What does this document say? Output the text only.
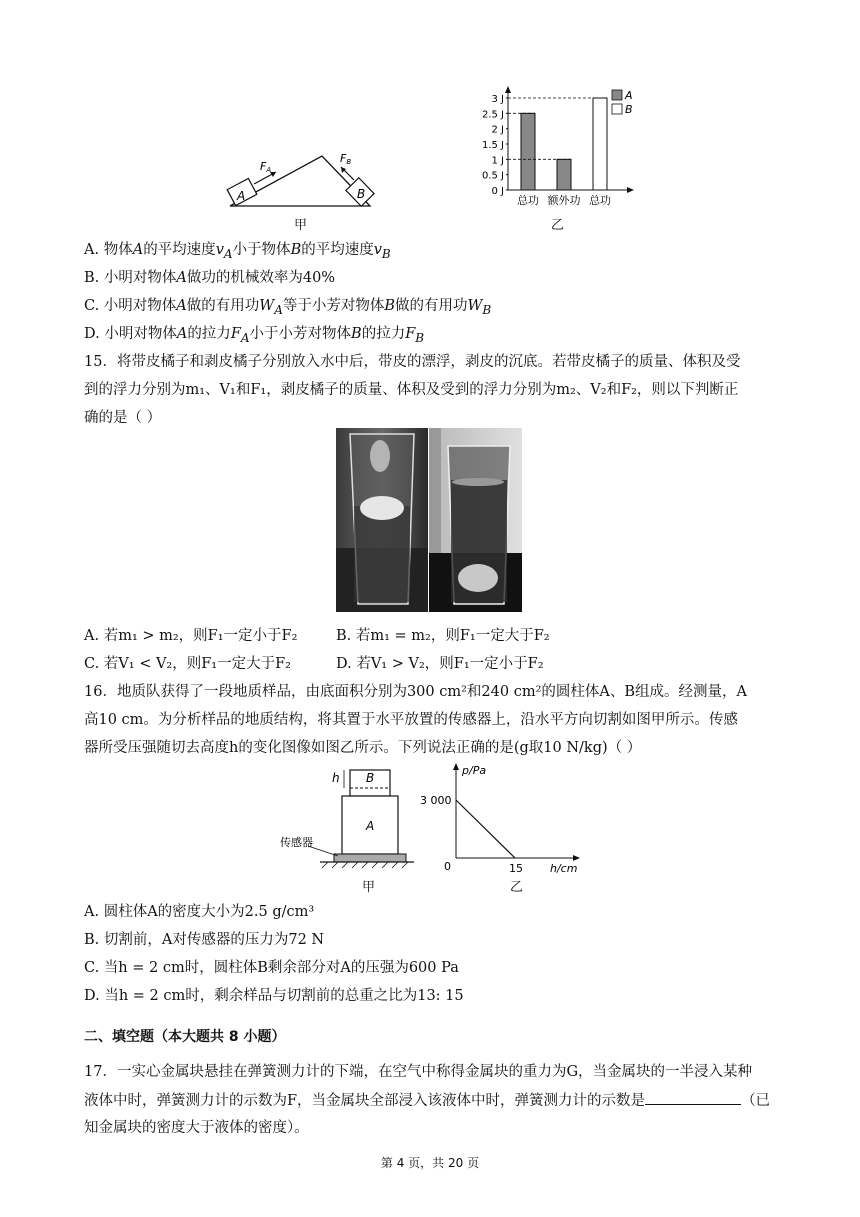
A
FA
B
FB
甲
0 J
0.5 J
1 J
1.5 J
2 J
2.5 J
3 J
总功 额外功 总功
A
B
乙
A. 物体A的平均速度$v_A$小于物体B的平均速度$v_B$
B. 小明对物体A做功的机械效率为40%
C. 小明对物体A做的有用功$W_A$等于小芳对物体B做的有用功$W_B$
D. 小明对物体A的拉力$F_A$小于小芳对物体B的拉力$F_B$
15．将带皮橘子和剥皮橘子分别放入水中后，带皮的漂浮，剥皮的沉底。若带皮橘子的质量、体积及受
到的浮力分别为m₁、V₁和F₁，剥皮橘子的质量、体积及受到的浮力分别为m₂、V₂和F₂，则以下判断正
确的是（ ）
A. 若m₁ > m₂，则F₁一定小于F₂	B. 若m₁ = m₂，则F₁一定大于F₂
C. 若V₁ < V₂，则F₁一定大于F₂	D. 若V₁ > V₂，则F₁一定小于F₂
16．地质队获得了一段地质样品，由底面积分别为300 cm²和240 cm²的圆柱体A、B组成。经测量，A
高10 cm。为分析样品的地质结构，将其置于水平放置的传感器上，沿水平方向切割如图甲所示。传感
器所受压强随切去高度h的变化图像如图乙所示。下列说法正确的是(g取10 N/kg)（ ）
B
h
A
传感器
甲
p/Pa
3 000
0	15 h/cm
乙
A. 圆柱体A的密度大小为2.5 g/cm³
B. 切割前，A对传感器的压力为72 N
C. 当h = 2 cm时，圆柱体B剩余部分对A的压强为600 Pa
D. 当h = 2 cm时，剩余样品与切割前的总重之比为13: 15
二、填空题（本大题共 8 小题）
17．一实心金属块悬挂在弹簧测力计的下端，在空气中称得金属块的重力为G，当金属块的一半浸入某种
液体中时，弹簧测力计的示数为F，当金属块全部浸入该液体中时，弹簧测力计的示数是	（已
知金属块的密度大于液体的密度）。
第 4 页，共 20 页
